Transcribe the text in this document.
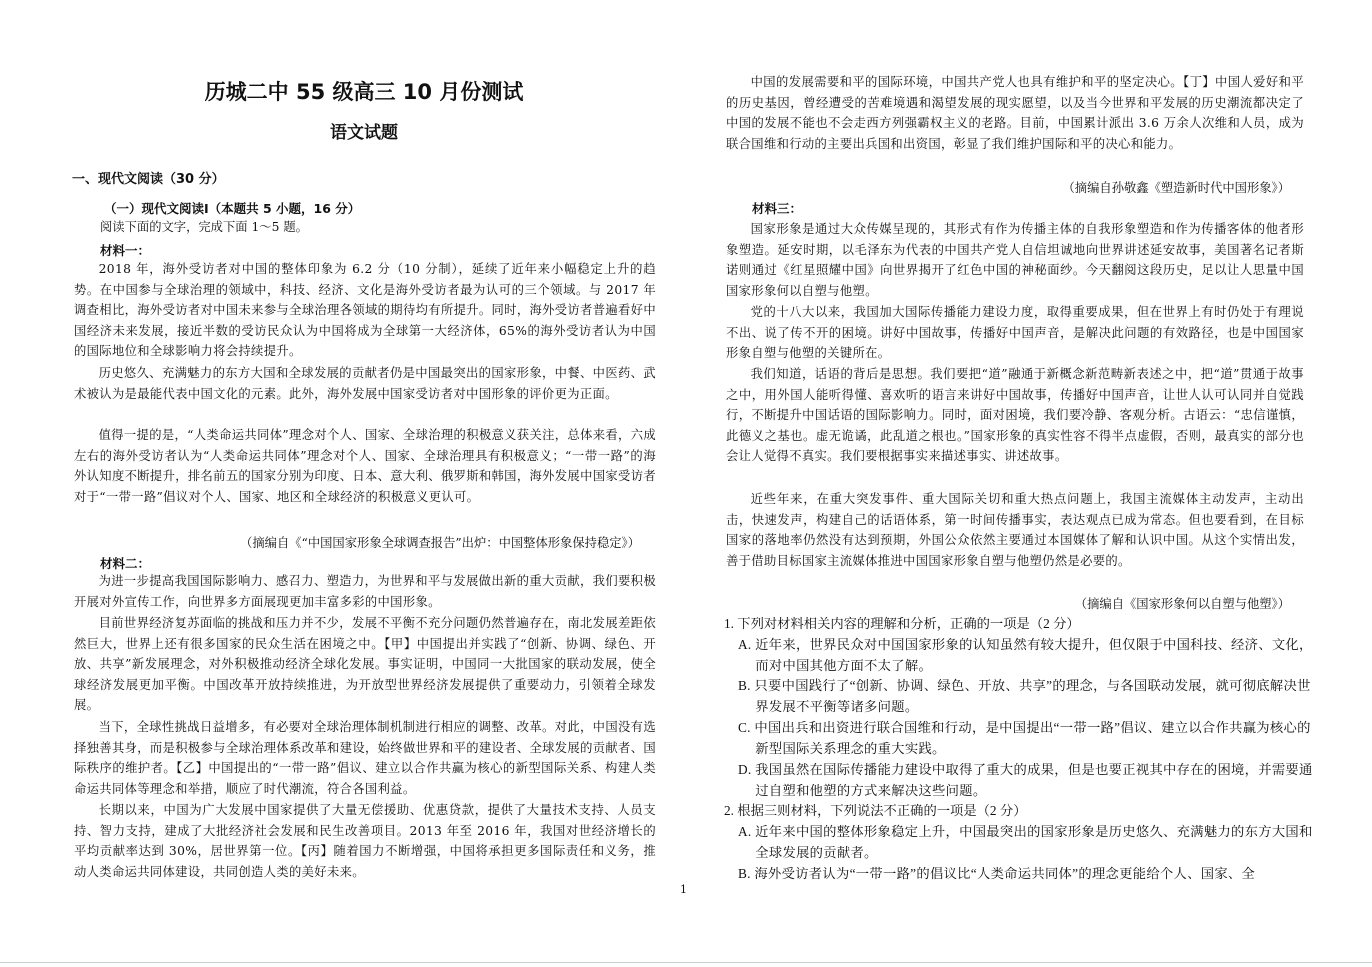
历城二中 55 级高三 10 月份测试
语文试题
一、现代文阅读（30 分）
（一）现代文阅读Ⅰ（本题共 5 小题，16 分）
阅读下面的文字，完成下面 1～5 题。
材料一：

2018 年，海外受访者对中国的整体印象为 6.2 分（10 分制），延续了近年来小幅稳定上升的趋势。在中国参与全球治理的领域中，科技、经济、文化是海外受访者最为认可的三个领域。与 2017 年调查相比，海外受访者对中国未来参与全球治理各领域的期待均有所提升。同时，海外受访者普遍看好中国经济未来发展，接近半数的受访民众认为中国将成为全球第一大经济体，65%的海外受访者认为中国的国际地位和全球影响力将会持续提升。

历史悠久、充满魅力的东方大国和全球发展的贡献者仍是中国最突出的国家形象，中餐、中医药、武术被认为是最能代表中国文化的元素。此外，海外发展中国家受访者对中国形象的评价更为正面。

值得一提的是，“人类命运共同体”理念对个人、国家、全球治理的积极意义获关注，总体来看，六成左右的海外受访者认为“人类命运共同体”理念对个人、国家、全球治理具有积极意义；“一带一路”的海外认知度不断提升，排名前五的国家分别为印度、日本、意大利、俄罗斯和韩国，海外发展中国家受访者对于“一带一路”倡议对个人、国家、地区和全球经济的积极意义更认可。

（摘编自《“中国国家形象全球调查报告”出炉：中国整体形象保持稳定》）
材料二：

为进一步提高我国国际影响力、感召力、塑造力，为世界和平与发展做出新的重大贡献，我们要积极开展对外宣传工作，向世界多方面展现更加丰富多彩的中国形象。

目前世界经济复苏面临的挑战和压力并不少，发展不平衡不充分问题仍然普遍存在，南北发展差距依然巨大，世界上还有很多国家的民众生活在困境之中。【甲】中国提出并实践了“创新、协调、绿色、开放、共享”新发展理念，对外积极推动经济全球化发展。事实证明，中国同一大批国家的联动发展，使全球经济发展更加平衡。中国改革开放持续推进，为开放型世界经济发展提供了重要动力，引领着全球发展。

当下，全球性挑战日益增多，有必要对全球治理体制机制进行相应的调整、改革。对此，中国没有选择独善其身，而是积极参与全球治理体系改革和建设，始终做世界和平的建设者、全球发展的贡献者、国际秩序的维护者。【乙】中国提出的“一带一路”倡议、建立以合作共赢为核心的新型国际关系、构建人类命运共同体等理念和举措，顺应了时代潮流，符合各国利益。

长期以来，中国为广大发展中国家提供了大量无偿援助、优惠贷款，提供了大量技术支持、人员支持、智力支持，建成了大批经济社会发展和民生改善项目。2013 年至 2016 年，我国对世经济增长的平均贡献率达到 30%，居世界第一位。【丙】随着国力不断增强，中国将承担更多国际责任和义务，推动人类命运共同体建设，共同创造人类的美好未来。

1

中国的发展需要和平的国际环境，中国共产党人也具有维护和平的坚定决心。【丁】中国人爱好和平的历史基因，曾经遭受的苦难境遇和渴望发展的现实愿望，以及当今世界和平发展的历史潮流都决定了中国的发展不能也不会走西方列强霸权主义的老路。目前，中国累计派出 3.6 万余人次维和人员，成为联合国维和行动的主要出兵国和出资国，彰显了我们维护国际和平的决心和能力。

（摘编自孙敬鑫《塑造新时代中国形象》）
材料三：

国家形象是通过大众传媒呈现的，其形式有作为传播主体的自我形象塑造和作为传播客体的他者形象塑造。延安时期，以毛泽东为代表的中国共产党人自信坦诚地向世界讲述延安故事，美国著名记者斯诺则通过《红星照耀中国》向世界揭开了红色中国的神秘面纱。今天翻阅这段历史，足以让人思量中国国家形象何以自塑与他塑。

党的十八大以来，我国加大国际传播能力建设力度，取得重要成果，但在世界上有时仍处于有理说不出、说了传不开的困境。讲好中国故事，传播好中国声音，是解决此问题的有效路径，也是中国国家形象自塑与他塑的关键所在。

我们知道，话语的背后是思想。我们要把“道”融通于新概念新范畴新表述之中，把“道”贯通于故事之中，用外国人能听得懂、喜欢听的语言来讲好中国故事，传播好中国声音，让世人认可认同并自觉践行，不断提升中国话语的国际影响力。同时，面对困境，我们要冷静、客观分析。古语云：“忠信谨慎，此德义之基也。虚无诡谲，此乱道之根也。”国家形象的真实性容不得半点虚假，否则，最真实的部分也会让人觉得不真实。我们要根据事实来描述事实、讲述故事。

近些年来，在重大突发事件、重大国际关切和重大热点问题上，我国主流媒体主动发声，主动出击，快速发声，构建自己的话语体系，第一时间传播事实，表达观点已成为常态。但也要看到，在目标国家的落地率仍然没有达到预期，外国公众依然主要通过本国媒体了解和认识中国。从这个实情出发，善于借助目标国家主流媒体推进中国国家形象自塑与他塑仍然是必要的。

（摘编自《国家形象何以自塑与他塑》）
1. 下列对材料相关内容的理解和分析，正确的一项是（2 分）

A. 近年来，世界民众对中国国家形象的认知虽然有较大提升，但仅限于中国科技、经济、文化，而对中国其他方面不太了解。

B. 只要中国践行了“创新、协调、绿色、开放、共享”的理念，与各国联动发展，就可彻底解决世界发展不平衡等诸多问题。

C. 中国出兵和出资进行联合国维和行动，是中国提出“一带一路”倡议、建立以合作共赢为核心的新型国际关系理念的重大实践。

D. 我国虽然在国际传播能力建设中取得了重大的成果，但是也要正视其中存在的困境，并需要通过自塑和他塑的方式来解决这些问题。

2. 根据三则材料，下列说法不正确的一项是（2 分）

A. 近年来中国的整体形象稳定上升，中国最突出的国家形象是历史悠久、充满魅力的东方大国和全球发展的贡献者。

B. 海外受访者认为“一带一路”的倡议比“人类命运共同体”的理念更能给个人、国家、全
